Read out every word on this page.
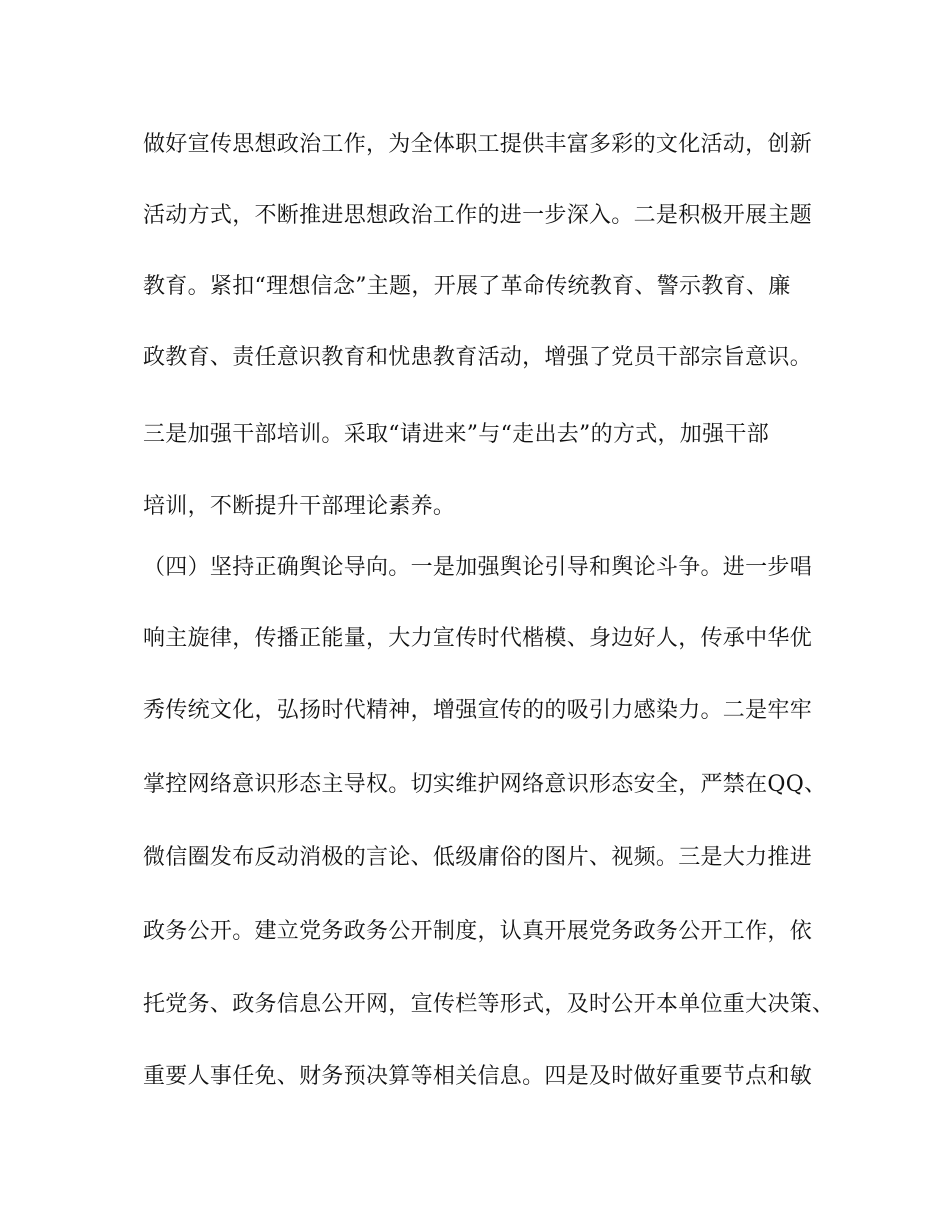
做好宣传思想政治工作，为全体职工提供丰富多彩的文化活动，创新
活动方式，不断推进思想政治工作的进一步深入。二是积极开展主题
教育。紧扣“理想信念”主题，开展了革命传统教育、警示教育、廉
政教育、责任意识教育和忧患教育活动，增强了党员干部宗旨意识。
三是加强干部培训。采取“请进来”与“走出去”的方式，加强干部
培训，不断提升干部理论素养。
（四）坚持正确舆论导向。一是加强舆论引导和舆论斗争。进一步唱
响主旋律，传播正能量，大力宣传时代楷模、身边好人，传承中华优
秀传统文化，弘扬时代精神，增强宣传的的吸引力感染力。二是牢牢
掌控网络意识形态主导权。切实维护网络意识形态安全，严禁在QQ、
微信圈发布反动消极的言论、低级庸俗的图片、视频。三是大力推进
政务公开。建立党务政务公开制度，认真开展党务政务公开工作，依
托党务、政务信息公开网，宣传栏等形式，及时公开本单位重大决策、
重要人事任免、财务预决算等相关信息。四是及时做好重要节点和敏
